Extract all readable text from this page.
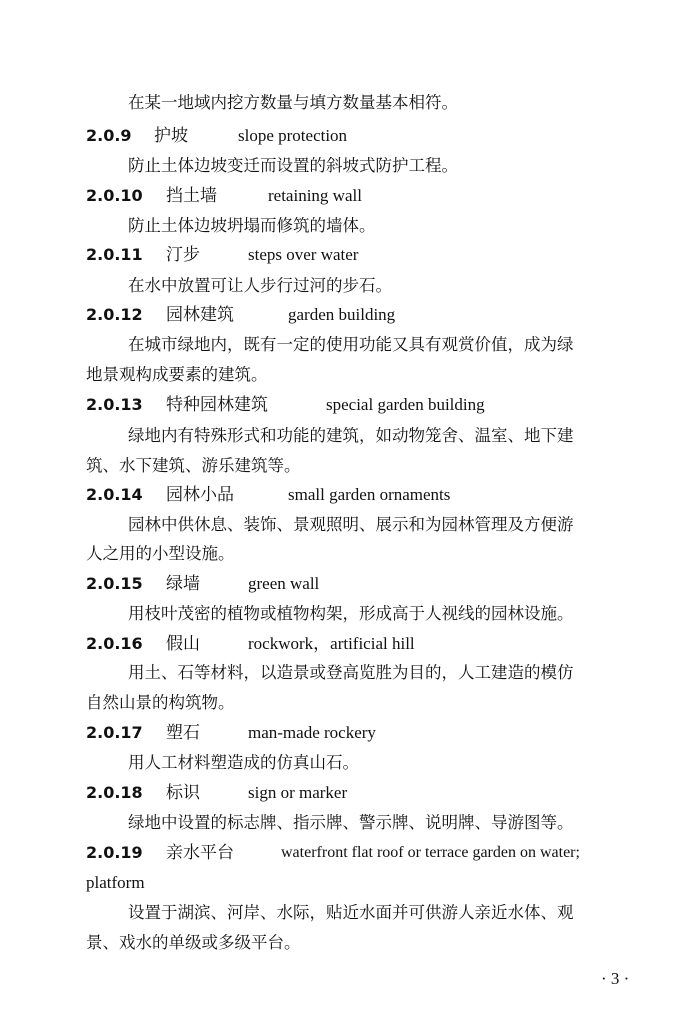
在某一地域内挖方数量与填方数量基本相符。
2.0.9 护坡	slope protection
防止土体边坡变迁而设置的斜坡式防护工程。
2.0.10 挡土墙	retaining wall
防止土体边坡坍塌而修筑的墙体。
2.0.11 汀步	steps over water
在水中放置可让人步行过河的步石。
2.0.12 园林建筑	garden building
在城市绿地内，既有一定的使用功能又具有观赏价值，成为绿
地景观构成要素的建筑。
2.0.13 特种园林建筑	special garden building
绿地内有特殊形式和功能的建筑，如动物笼舍、温室、地下建
筑、水下建筑、游乐建筑等。
2.0.14 园林小品	small garden ornaments
园林中供休息、装饰、景观照明、展示和为园林管理及方便游
人之用的小型设施。
2.0.15 绿墙	green wall
用枝叶茂密的植物或植物构架，形成高于人视线的园林设施。
2.0.16 假山	rockwork，artificial hill
用土、石等材料，以造景或登高览胜为目的，人工建造的模仿
自然山景的构筑物。
2.0.17 塑石	man-made rockery
用人工材料塑造成的仿真山石。
2.0.18 标识	sign or marker
绿地中设置的标志牌、指示牌、警示牌、说明牌、导游图等。
2.0.19 亲水平台	waterfront flat roof or terrace garden on water;
platform
设置于湖滨、河岸、水际，贴近水面并可供游人亲近水体、观
景、戏水的单级或多级平台。
· 3 ·
